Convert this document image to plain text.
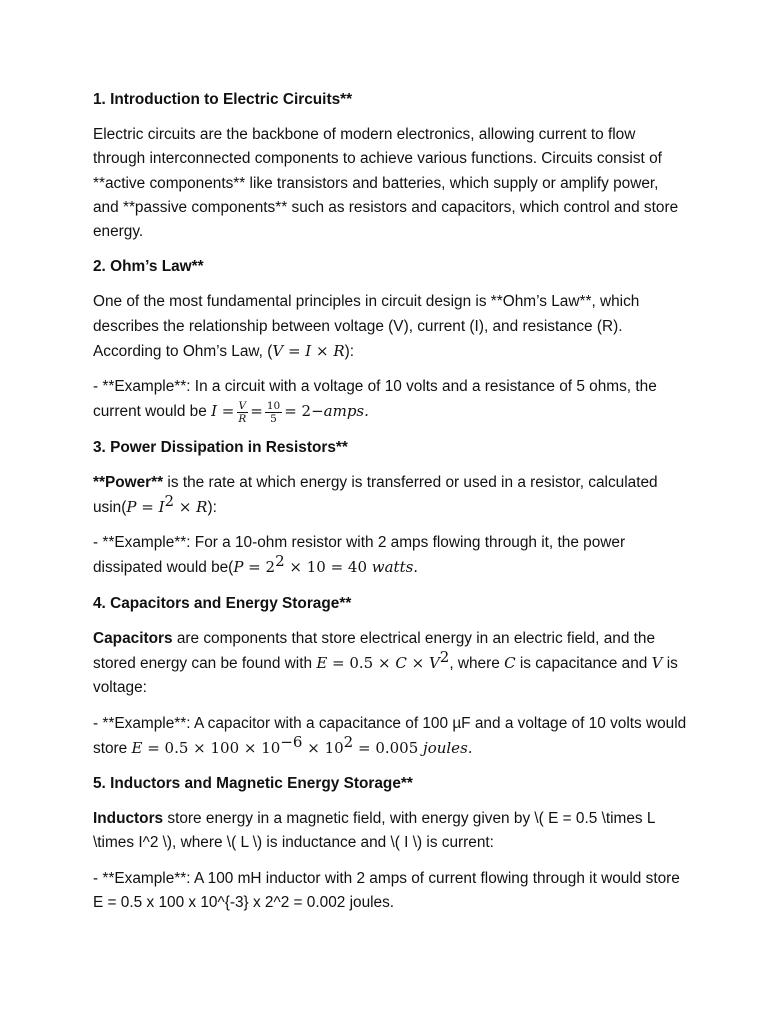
1. Introduction to Electric Circuits**

Electric circuits are the backbone of modern electronics, allowing current to flow through interconnected components to achieve various functions. Circuits consist of **active components** like transistors and batteries, which supply or amplify power, and **passive components** such as resistors and capacitors, which control and store energy.

2. Ohm’s Law**

One of the most fundamental principles in circuit design is **Ohm’s Law**, which describes the relationship between voltage (V), current (I), and resistance (R). According to Ohm’s Law, (V = I × R):

- **Example**: In a circuit with a voltage of 10 volts and a resistance of 5 ohms, the current would be $I = \frac{V}{R} = \frac{10}{5}$ = 2−amps.

3. Power Dissipation in Resistors**

**Power** is the rate at which energy is transferred or used in a resistor, calculated $usin(P = I^2 \times R)$:

- **Example**: For a 10-ohm resistor with 2 amps flowing through it, the power dissipated would $be(P = 2^2 \times 10 = 40$ watts.

4. Capacitors and Energy Storage**

Capacitors are components that store electrical energy in an electric field, and the stored energy can be found with $E = 0.5 \times C \times V^2$, where C is capacitance and V is voltage:

- **Example**: A capacitor with a capacitance of 100 µF and a voltage of 10 volts would store $E = 0.5 \times 100 \times 10^{-6} \times 10^2 = 0.005$ joules.

5. Inductors and Magnetic Energy Storage**

Inductors store energy in a magnetic field, with energy given by \( E = 0.5 \times L \times I^2 \), where \( L \) is inductance and \( I \) is current:

- **Example**: A 100 mH inductor with 2 amps of current flowing through it would store E = 0.5 x 100 x 10^{-3} x 2^2 = 0.002 joules.
